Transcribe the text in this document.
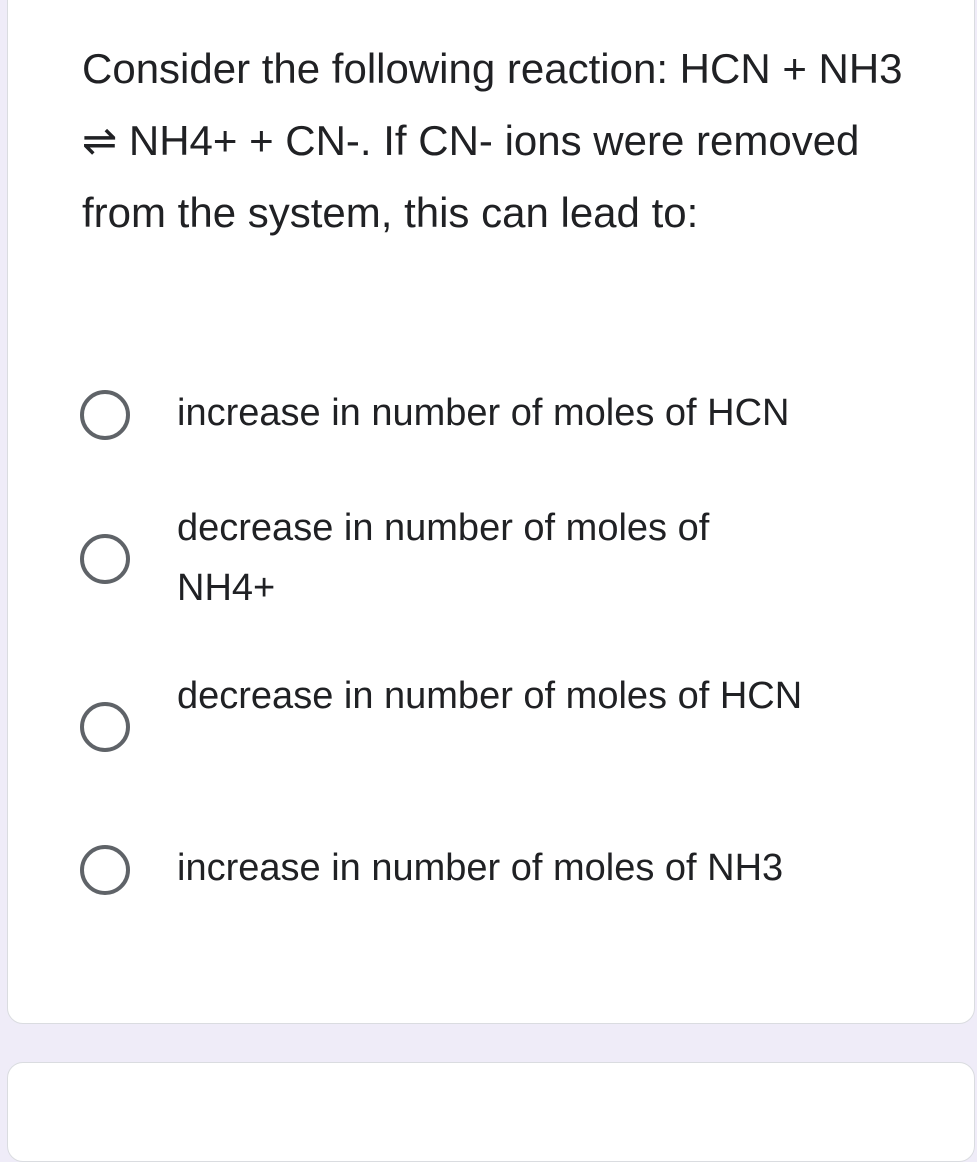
Consider the following reaction: HCN + NH3 ⇌ NH4+ + CN-. If CN- ions were removed from the system, this can lead to:

increase in number of moles of HCN
decrease in number of moles of NH4+
decrease in number of moles of HCN
increase in number of moles of NH3
